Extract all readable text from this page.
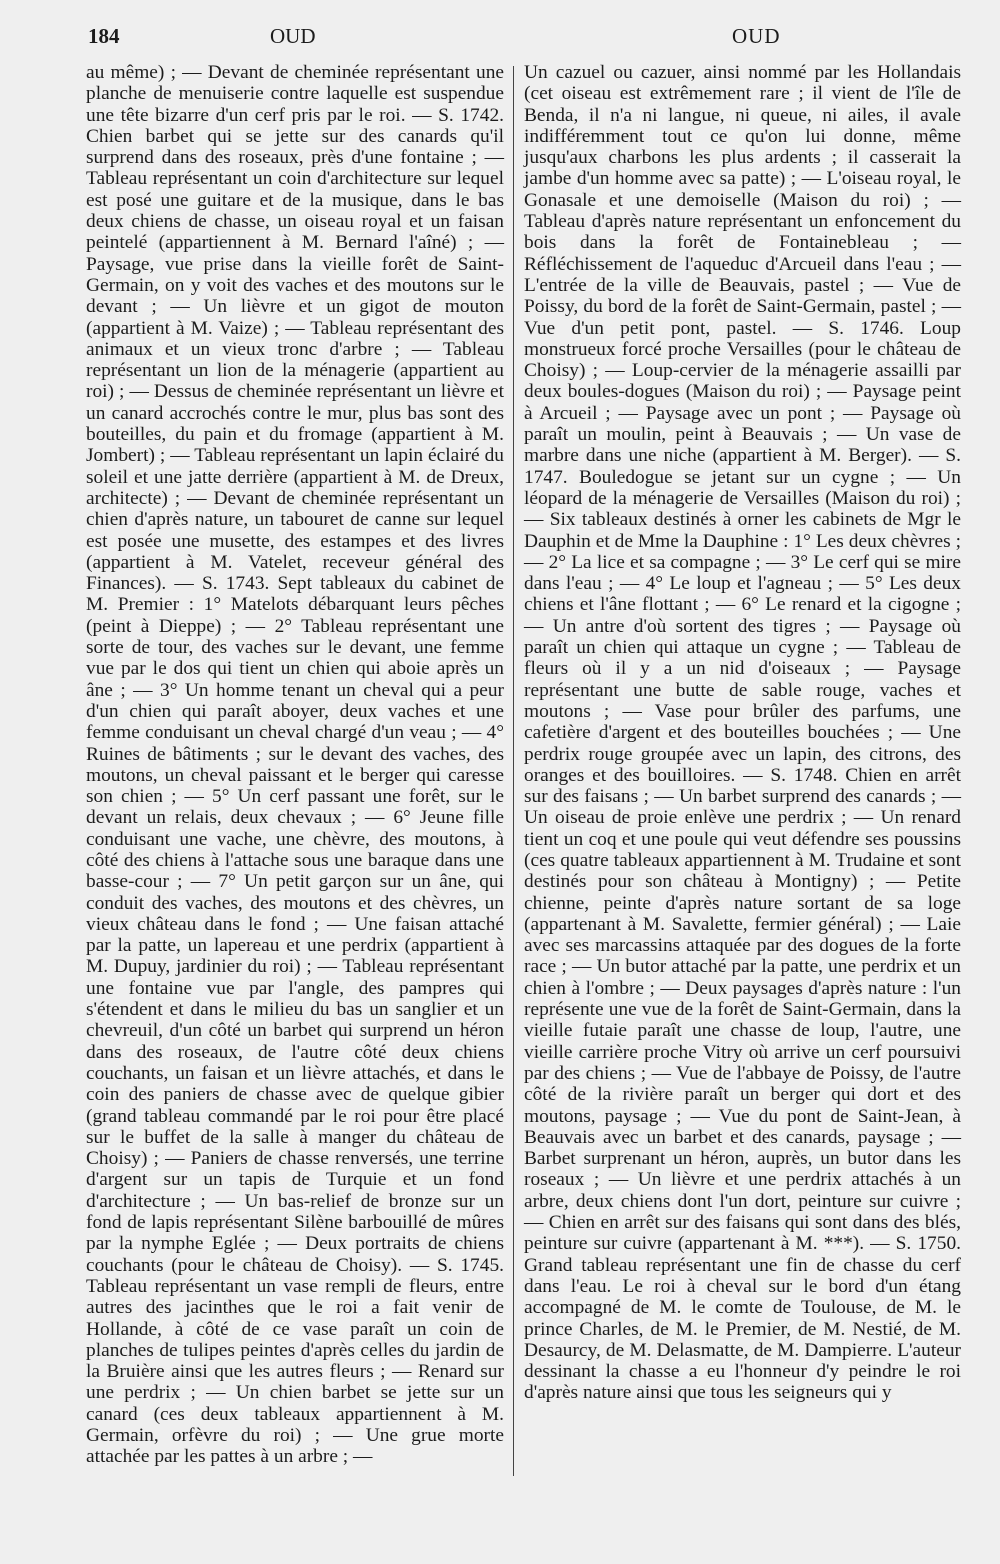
184	OUD	OUD

au même) ; — Devant de cheminée représentant une planche de menuiserie contre laquelle est suspendue une tête bizarre d'un cerf pris par le roi. — S. 1742. Chien barbet qui se jette sur des canards qu'il surprend dans des roseaux, près d'une fontaine ; — Tableau représentant un coin d'architecture sur lequel est posé une guitare et de la musique, dans le bas deux chiens de chasse, un oiseau royal et un faisan peintelé (appartiennent à M. Bernard l'aîné) ; — Paysage, vue prise dans la vieille forêt de Saint-Germain, on y voit des vaches et des moutons sur le devant ; — Un lièvre et un gigot de mouton (appartient à M. Vaize) ; — Tableau représentant des animaux et un vieux tronc d'arbre ; — Tableau représentant un lion de la ménagerie (appartient au roi) ; — Dessus de cheminée représentant un lièvre et un canard accrochés contre le mur, plus bas sont des bouteilles, du pain et du fromage (appartient à M. Jombert) ; — Tableau représentant un lapin éclairé du soleil et une jatte derrière (appartient à M. de Dreux, architecte) ; — Devant de cheminée représentant un chien d'après nature, un tabouret de canne sur lequel est posée une musette, des estampes et des livres (appartient à M. Vatelet, receveur général des Finances). — S. 1743. Sept tableaux du cabinet de M. Premier : 1° Matelots débarquant leurs pêches (peint à Dieppe) ; — 2° Tableau représentant une sorte de tour, des vaches sur le devant, une femme vue par le dos qui tient un chien qui aboie après un âne ; — 3° Un homme tenant un cheval qui a peur d'un chien qui paraît aboyer, deux vaches et une femme conduisant un cheval chargé d'un veau ; — 4° Ruines de bâtiments ; sur le devant des vaches, des moutons, un cheval paissant et le berger qui caresse son chien ; — 5° Un cerf passant une forêt, sur le devant un relais, deux chevaux ; — 6° Jeune fille conduisant une vache, une chèvre, des moutons, à côté des chiens à l'attache sous une baraque dans une basse-cour ; — 7° Un petit garçon sur un âne, qui conduit des vaches, des moutons et des chèvres, un vieux château dans le fond ; — Une faisan attaché par la patte, un lapereau et une perdrix (appartient à M. Dupuy, jardinier du roi) ; — Tableau représentant une fontaine vue par l'angle, des pampres qui s'étendent et dans le milieu du bas un sanglier et un chevreuil, d'un côté un barbet qui surprend un héron dans des roseaux, de l'autre côté deux chiens couchants, un faisan et un lièvre attachés, et dans le coin des paniers de chasse avec de quelque gibier (grand tableau commandé par le roi pour être placé sur le buffet de la salle à manger du château de Choisy) ; — Paniers de chasse renversés, une terrine d'argent sur un tapis de Turquie et un fond d'architecture ; — Un bas-relief de bronze sur un fond de lapis représentant Silène barbouillé de mûres par la nymphe Eglée ; — Deux portraits de chiens couchants (pour le château de Choisy). — S. 1745. Tableau représentant un vase rempli de fleurs, entre autres des jacinthes que le roi a fait venir de Hollande, à côté de ce vase paraît un coin de planches de tulipes peintes d'après celles du jardin de la Bruière ainsi que les autres fleurs ; — Renard sur une perdrix ; — Un chien barbet se jette sur un canard (ces deux tableaux appartiennent à M. Germain, orfèvre du roi) ; — Une grue morte attachée par les pattes à un arbre ; —

Un cazuel ou cazuer, ainsi nommé par les Hollandais (cet oiseau est extrêmement rare ; il vient de l'île de Benda, il n'a ni langue, ni queue, ni ailes, il avale indifféremment tout ce qu'on lui donne, même jusqu'aux charbons les plus ardents ; il casserait la jambe d'un homme avec sa patte) ; — L'oiseau royal, le Gonasale et une demoiselle (Maison du roi) ; — Tableau d'après nature représentant un enfoncement du bois dans la forêt de Fontainebleau ; — Réfléchissement de l'aqueduc d'Arcueil dans l'eau ; — L'entrée de la ville de Beauvais, pastel ; — Vue de Poissy, du bord de la forêt de Saint-Germain, pastel ; — Vue d'un petit pont, pastel. — S. 1746. Loup monstrueux forcé proche Versailles (pour le château de Choisy) ; — Loup-cervier de la ménagerie assailli par deux boules-dogues (Maison du roi) ; — Paysage peint à Arcueil ; — Paysage avec un pont ; — Paysage où paraît un moulin, peint à Beauvais ; — Un vase de marbre dans une niche (appartient à M. Berger). — S. 1747. Bouledogue se jetant sur un cygne ; — Un léopard de la ménagerie de Versailles (Maison du roi) ; — Six tableaux destinés à orner les cabinets de Mgr le Dauphin et de Mme la Dauphine : 1° Les deux chèvres ; — 2° La lice et sa compagne ; — 3° Le cerf qui se mire dans l'eau ; — 4° Le loup et l'agneau ; — 5° Les deux chiens et l'âne flottant ; — 6° Le renard et la cigogne ; — Un antre d'où sortent des tigres ; — Paysage où paraît un chien qui attaque un cygne ; — Tableau de fleurs où il y a un nid d'oiseaux ; — Paysage représentant une butte de sable rouge, vaches et moutons ; — Vase pour brûler des parfums, une cafetière d'argent et des bouteilles bouchées ; — Une perdrix rouge groupée avec un lapin, des citrons, des oranges et des bouilloires. — S. 1748. Chien en arrêt sur des faisans ; — Un barbet surprend des canards ; — Un oiseau de proie enlève une perdrix ; — Un renard tient un coq et une poule qui veut défendre ses poussins (ces quatre tableaux appartiennent à M. Trudaine et sont destinés pour son château à Montigny) ; — Petite chienne, peinte d'après nature sortant de sa loge (appartenant à M. Savalette, fermier général) ; — Laie avec ses marcassins attaquée par des dogues de la forte race ; — Un butor attaché par la patte, une perdrix et un chien à l'ombre ; — Deux paysages d'après nature : l'un représente une vue de la forêt de Saint-Germain, dans la vieille futaie paraît une chasse de loup, l'autre, une vieille carrière proche Vitry où arrive un cerf poursuivi par des chiens ; — Vue de l'abbaye de Poissy, de l'autre côté de la rivière paraît un berger qui dort et des moutons, paysage ; — Vue du pont de Saint-Jean, à Beauvais avec un barbet et des canards, paysage ; — Barbet surprenant un héron, auprès, un butor dans les roseaux ; — Un lièvre et une perdrix attachés à un arbre, deux chiens dont l'un dort, peinture sur cuivre ; — Chien en arrêt sur des faisans qui sont dans des blés, peinture sur cuivre (appartenant à M. ***). — S. 1750. Grand tableau représentant une fin de chasse du cerf dans l'eau. Le roi à cheval sur le bord d'un étang accompagné de M. le comte de Toulouse, de M. le prince Charles, de M. le Premier, de M. Nestié, de M. Desaurcy, de M. Delasmatte, de M. Dampierre. L'auteur dessinant la chasse a eu l'honneur d'y peindre le roi d'après nature ainsi que tous les seigneurs qui y
